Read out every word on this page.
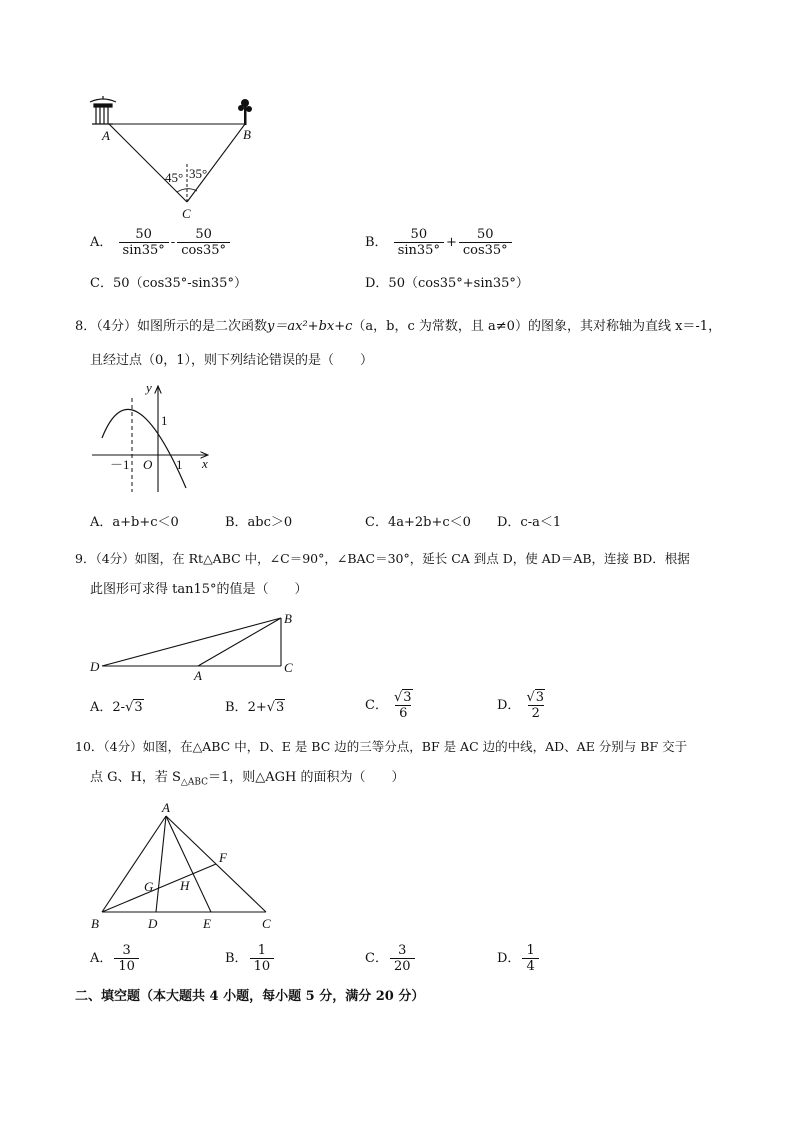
A	B
C
45° 35°
A． $\frac{50}{\sin 35^\circ} - \frac{50}{\cos 35^\circ}$	B． $\frac{50}{\sin 35^\circ} + \frac{50}{\cos 35^\circ}$
C．50（cos35°-sin35°）	D．50（cos35°+sin35°）
8．（4分）如图所示的是二次函数y＝ax²+bx+c（a，b，c 为常数，且 a≠0）的图象，其对称轴为直线 x＝-1，
且经过点（0，1），则下列结论错误的是（　　）
y
x
1
－1 O 1
A．a+b+c＜0	B．abc＞0	C．4a+2b+c＜0 D．c-a＜1
9．（4分）如图，在 Rt△ABC 中，∠C＝90°，∠BAC＝30°，延长 CA 到点 D，使 AD＝AB，连接 BD．根据
此图形可求得 tan15°的值是（　　）
B
D
A
C
A．2-√3	B．2+√3	C． $\frac{√3}{6}$	D． $\frac{√3}{2}$
10．（4分）如图，在△ABC 中，D、E 是 BC 边的三等分点，BF 是 AC 边的中线，AD、AE 分别与 BF 交于
点 G、H，若 $S_{\triangle ABC}=1$，则△AGH 的面积为（　　）
A
F
G H
B	D	E	C
A． $\frac{3}{10}$	B． $\frac{1}{10}$	C． $\frac{3}{20}$	D． $\frac{1}{4}$
二、填空题（本大题共 4 小题，每小题 5 分，满分 20 分）
